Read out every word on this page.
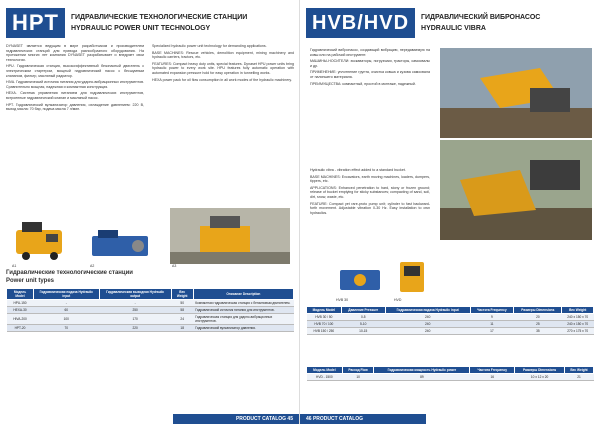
HPT	ГИДРАВЛИЧЕСКИЕ ТЕХНОЛОГИЧЕСКИЕ СТАНЦИИ
HYDRAULIC POWER UNIT TECHNOLOGY

DYNASET является ведущим в мире разработчиком и производителем гидравлических станций для привода разнообразного оборудования. На протяжении многих лет компания DYNASET разрабатывает и внедряет свои технологии.

HPU. Гидравлическая станция, высокоэффективный безопасный двигатель с электрическим стартером, мощный гидравлический насос с бесшумным клапаном, фильтр, масляный радиатор.

HIVA. Гидравлический источник питания для ударно-вибрационных инструментов. Сравнительно мощная, надежная и компактная конструкция.

HEXA. Система управления питанием для гидравлических инструментов, встроенные гидравлический клапан и масляный насос.

HPT. Гидравлический вулканизатор давления, охлаждение давлением: 220 В, выход масла: 70 бар, подача масла 7 л/мин.

Specialized hydraulic power unit technology for demanding applications.

BASE MACHINES: Rescue vehicles, demolition equipment, mining machinery and hydraulic carriers, tractors, etc.

FEATURES: Compact heavy duty units, special features. Dynaset HPU power units bring hydraulic power to every work site. HPU features fully automatic operation with automated expansion pressure hold for easy operation in tunnelling works.

HEXA power pack for oil flow consumption in all work modes of the hydraulic machinery.

A1	A2	A3
Гидравлические технологические станции
Power unit types
Модель Model	Гидравлическая подача Hydraulic input	Гидравлическая выходная Hydraulic output	Вес Weight	Описание Description
HPU-150	-	-	50	Компактная гидравлическая станция с бензиновым двигателем.
HEXA-30	60	250	58	Гидравлический источник питания для инструментов.
HIVA-200	100	170	24	Гидравлическая станция для ударно-вибрационных инструментов.
HPT-20	70	220	18	Гидравлический вулканизатор давления.
PRODUCT CATALOG 45
HVB/HVD	ГИДРАВЛИЧЕСКИЙ ВИБРОНАСОС
HYDRAULIC VIBRA

Гидравлический вибронасос, создающий вибрацию, передаваемую на ковш или на рабочий инструмент.

МАШИНЫ-НОСИТЕЛИ: экскаваторы, погрузчики, тракторы, самосвалы и др.

ПРИМЕНЕНИЕ: уплотнение грунта, очистка ковша и кузова самосвала от налипшего материала.

ПРЕИМУЩЕСТВА: компактный, простой в монтаже, надежный.

Hydraulic vibra - vibration effect added to a standard bucket.

BASE MACHINES: Excavators, earth moving machines, loaders, dumpers, tippers, etc.

APPLICATIONS: Enhanced penetration to hard, stony or frozen ground; release of bucket emptying for sticky substances; compacting of sand, soil, dirt, snow, waste, etc.

FEATURE: Compact yet rare-proto pump unit; cylinder to fast backward-forth movement. Adjustable vibration 0-30 Hz. Easy installation to own hydraulics.

HVB 30	HVD
Модель Model	Давление Pressure	Гидравлическая подача Hydraulic input	Частота Frequency	Размеры Dimensions	Вес Weight
HVB 30 / 50	0-5	240	9	20	240 x 150 x 70
HVB 70 / 100	5-10	240	11	25	240 x 150 x 70
HVB 150 / 250	10-15	240	17	35	270 x 175 x 70
Модель Model	Расход Flow	Гидравлическая мощность Hydraulic power	Частота Frequency	Размеры Dimensions	Вес Weight
HVD - 1500	10	89	16	10 x 12 x 20	21
46 PRODUCT CATALOG
